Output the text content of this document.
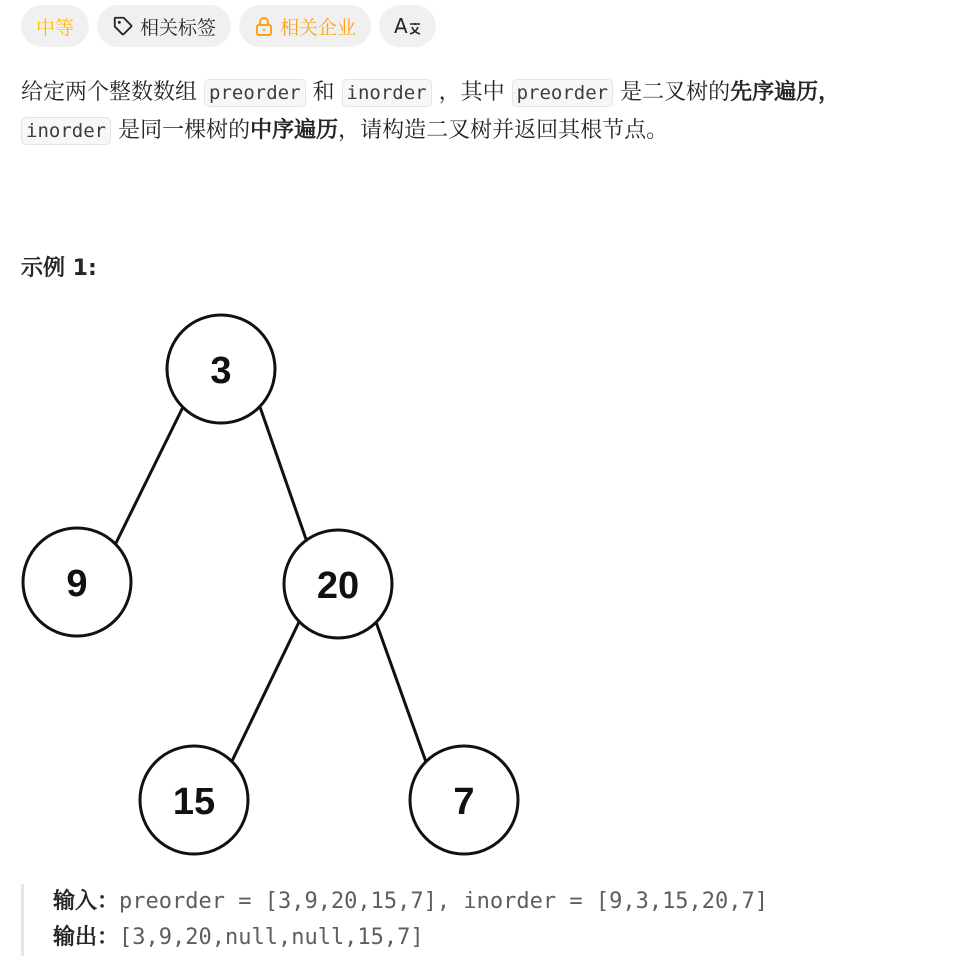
中等	相关标签	相关企业 A
给定两个整数数组 preorder 和 inorder ，其中 preorder 是二叉树的先序遍历，
inorder 是同一棵树的中序遍历，请构造二叉树并返回其根节点。
示例 1:
3
9	20
15	7
输入：preorder = [3,9,20,15,7], inorder = [9,3,15,20,7]
输出：[3,9,20,null,null,15,7]
